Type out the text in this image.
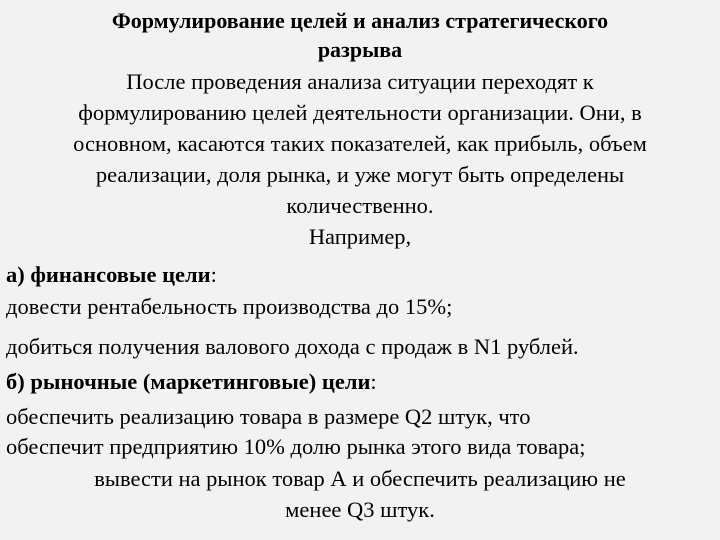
Формулирование целей и анализ стратегического
разрыва
После проведения анализа ситуации переходят к
формулированию целей деятельности организации. Они, в
основном, касаются таких показателей, как прибыль, объем
реализации, доля рынка, и уже могут быть определены
количественно.
Например,
а) финансовые цели:
довести рентабельность производства до 15%;
добиться получения валового дохода с продаж в N1 рублей.
б) рыночные (маркетинговые) цели:
обеспечить реализацию товара в размере Q2 штук, что
обеспечит предприятию 10% долю рынка этого вида товара;
вывести на рынок товар А и обеспечить реализацию не
менее Q3 штук.
